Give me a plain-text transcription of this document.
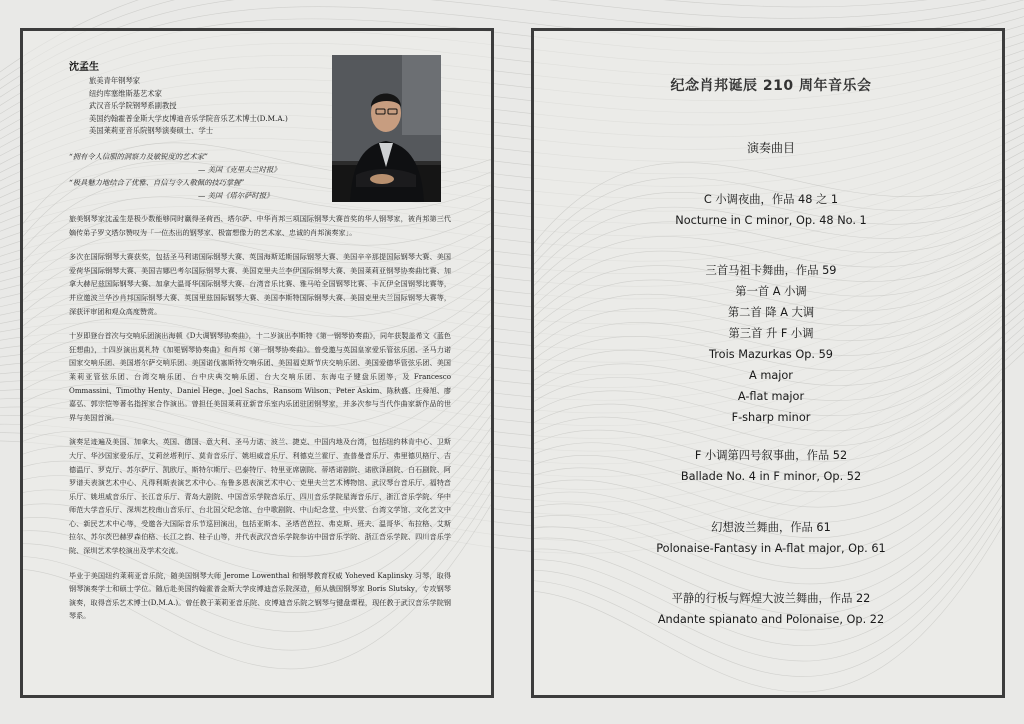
沈孟生
旅美青年钢琴家
纽约库塞维斯基艺术家
武汉音乐学院钢琴系副教授
美国约翰霍普金斯大学皮博迪音乐学院音乐艺术博士(D.M.A.)
美国莱莉亚音乐院钢琴演奏硕士、学士
“拥有令人信服的洞察力及敏锐度的艺术家”
— 美国《克里夫兰时报》
“极具魅力地结合了优雅、自信与令人敬佩的技巧掌握”
— 美国《塔尔萨时报》

旅美钢琴家沈孟生是极少数能够同时赢得圣荷西、塔尔萨、中华肖邦三项国际钢琴大赛首奖的华人钢琴家，被肖邦第三代嫡传弟子罗文塔尔赞叹为「一位杰出的钢琴家、极富想像力的艺术家、忠诚的肖邦演奏家」。

多次在国际钢琴大赛获奖，包括圣马利诺国际钢琴大赛、英国海斯廷斯国际钢琴大赛、美国辛辛那提国际钢琴大赛、美国爱荷华国际钢琴大赛、美国吉娜巴考尔国际钢琴大赛、美国克里夫兰李伊国际钢琴大赛、美国莱莉亚钢琴协奏曲比赛、加拿大赫尼兹国际钢琴大赛、加拿大温哥华国际钢琴大赛、台湾音乐比赛、雅马哈全国钢琴比赛、卡瓦伊全国钢琴比赛等，并应邀波兰华沙肖邦国际钢琴大赛、英国里兹国际钢琴大赛、美国李斯特国际钢琴大赛、美国克里夫兰国际钢琴大赛等，深获评审团和观众高度赞赏。

十岁即登台首次与交响乐团演出海顿《D大调钢琴协奏曲》，十二岁演出李斯特《第一钢琴协奏曲》，同年获製盖希文《蓝色狂想曲》，十四岁演出莫札特《加冕钢琴协奏曲》和肖邦《第一钢琴协奏曲》。曾受邀与英国皇家爱乐管弦乐团、圣马力诺国家交响乐团、美国塔尔萨交响乐团、美国诺伐塞斯特交响乐团、美国福克斯节庆交响乐团、美国爱德华管弦乐团、美国莱莉亚管弦乐团、台湾交响乐团、台中庆典交响乐团、台大交响乐团、东海屯子键盘乐团等，及 Francesco Ommassini、Timothy Henty、Daniel Hege、Joel Sachs、Ransom Wilson、Peter Askim、陈秋盛、庄舜旭、廖嘉弘、郭宗恺等著名指挥家合作演出。曾担任美国莱莉亚新音乐室内乐团驻团钢琴家，并多次参与当代作曲家新作品的世界与美国首演。

演奏足迹遍及美国、加拿大、英国、德国、意大利、圣马力诺、波兰、捷克、中国内地及台湾，包括纽约林肯中心、卫斯大厅、华沙国家爱乐厅、艾莉丝塔利厅、莫肯音乐厅、姚坦威音乐厅、利德克兰霍厅、查普曼音乐厅、弗里德贝格厅、吉德温厅、罗克厅、苏尔萨厅、凯欧厅、斯特尔斯厅、巴泰特厅、特里亚席剧院、蒂塔诺剧院、诺欧泽剧院、白石剧院、阿罗谱夫表演艺术中心、凡得利斯表演艺术中心、布鲁多恩表演艺术中心、克里夫兰艺术博物馆、武汉琴台音乐厅、福特音乐厅、姚坦威音乐厅、长江音乐厅、青岛大剧院、中国音乐学院音乐厅、四川音乐学院星海音乐厅、浙江音乐学院、华中师范大学音乐厅、深圳艺校南山音乐厅、台北国父纪念馆、台中歌剧院、中山纪念堂、中兴堂、台湾文学馆、文化艺文中心、新民艺术中心等，受邀各大国际音乐节巡回演出，包括亚斯本、圣塔芭芭拉、弗克斯、班夫、温哥华、布拉格、艾斯拉尔、苏尔茨巴赫罗森伯格、长江之韵、桂子山等，并代表武汉音乐学院参访中国音乐学院、浙江音乐学院、四川音乐学院、深圳艺术学校演出及学术交流。

毕业于美国纽约莱莉亚音乐院，随美国钢琴大师 Jerome Lowenthal 和钢琴教育权威 Yoheved Kaplinsky 习琴，取得钢琴演奏学士和硕士学位。随后赴美国约翰霍普金斯大学皮博迪音乐院深造，师从俄国钢琴家 Boris Slutsky，专攻钢琴演奏，取得音乐艺术博士(D.M.A.)。曾任教于莱莉亚音乐院、皮博迪音乐院之钢琴与键盘课程，现任教于武汉音乐学院钢琴系。

纪念肖邦诞辰 210 周年音乐会
演奏曲目
C 小调夜曲，作品 48 之 1
Nocturne in C minor, Op. 48 No. 1
三首马祖卡舞曲，作品 59
第一首 A 小调
第二首 降 A 大调
第三首 升 F 小调
Trois Mazurkas Op. 59
A major
A-flat major
F-sharp minor
F 小调第四号叙事曲，作品 52
Ballade No. 4 in F minor, Op. 52
幻想波兰舞曲，作品 61
Polonaise-Fantasy in A-flat major, Op. 61
平静的行板与辉煌大波兰舞曲，作品 22
Andante spianato and Polonaise, Op. 22
